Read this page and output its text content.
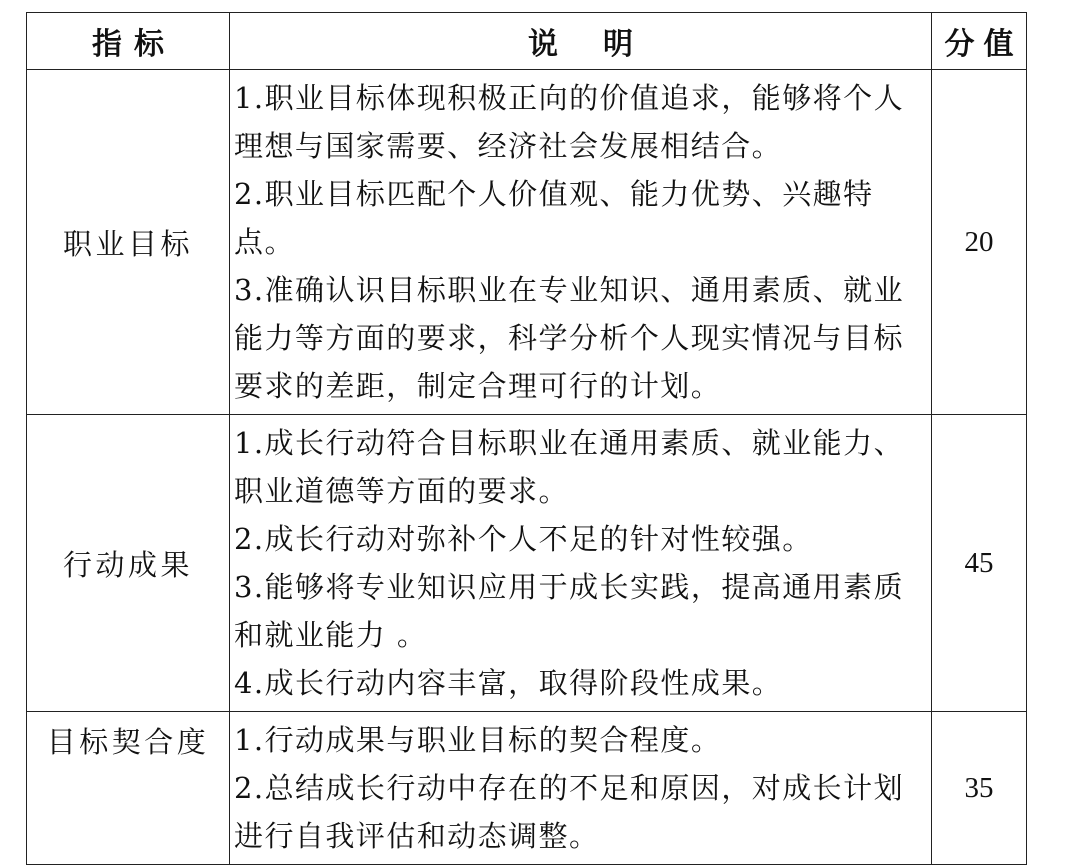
指标	说明	分值
职业目标	1.职业目标体现积极正向的价值追求，能够将个人理想与国家需要、经济社会发展相结合。
2.职业目标匹配个人价值观、能力优势、兴趣特点。
3.准确认识目标职业在专业知识、通用素质、就业能力等方面的要求，科学分析个人现实情况与目标要求的差距，制定合理可行的计划。	20
行动成果	1.成长行动符合目标职业在通用素质、就业能力、职业道德等方面的要求。
2.成长行动对弥补个人不足的针对性较强。
3.能够将专业知识应用于成长实践，提高通用素质和就业能力 。
4.成长行动内容丰富，取得阶段性成果。	45
目标契合度	1.行动成果与职业目标的契合程度。
2.总结成长行动中存在的不足和原因，对成长计划进行自我评估和动态调整。	35
